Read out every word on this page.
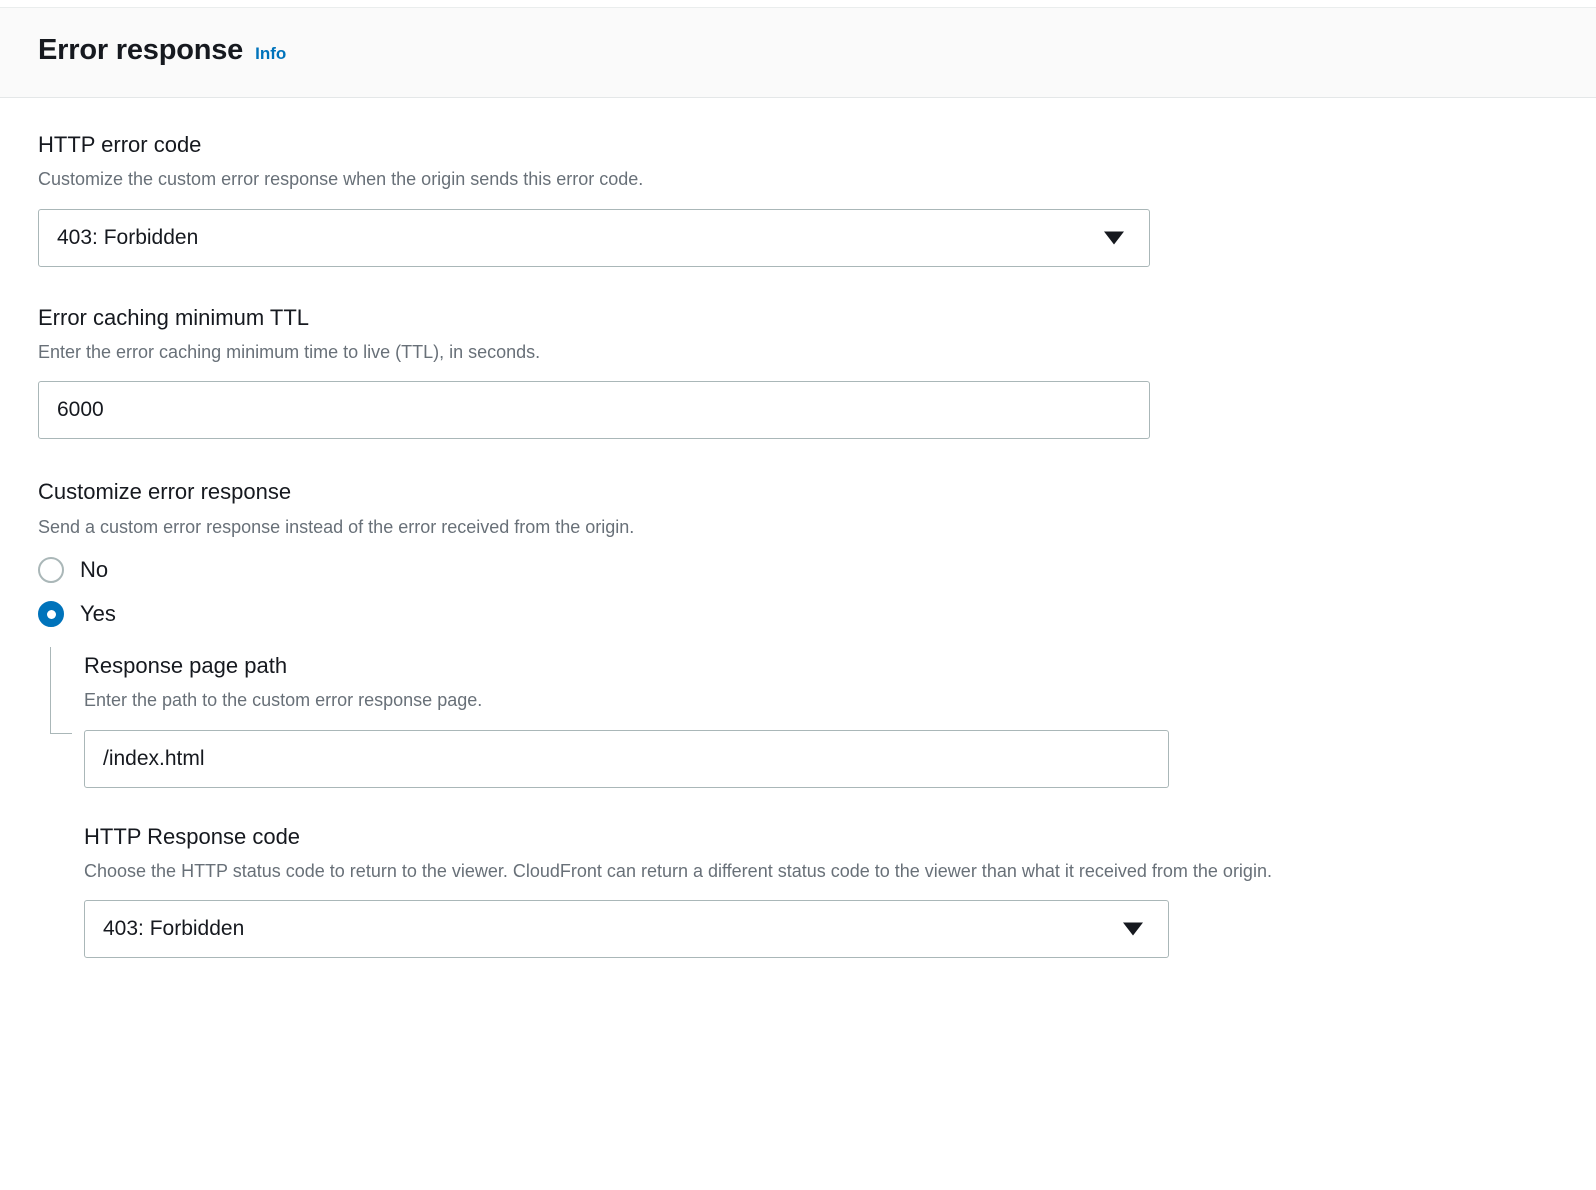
Error response Info
HTTP error code
Customize the custom error response when the origin sends this error code.
403: Forbidden
Error caching minimum TTL
Enter the error caching minimum time to live (TTL), in seconds.
6000
Customize error response
Send a custom error response instead of the error received from the origin.
No
Yes
Response page path
Enter the path to the custom error response page.
/index.html
HTTP Response code
Choose the HTTP status code to return to the viewer. CloudFront can return a different status code to the viewer than what it received from the origin.
403: Forbidden
